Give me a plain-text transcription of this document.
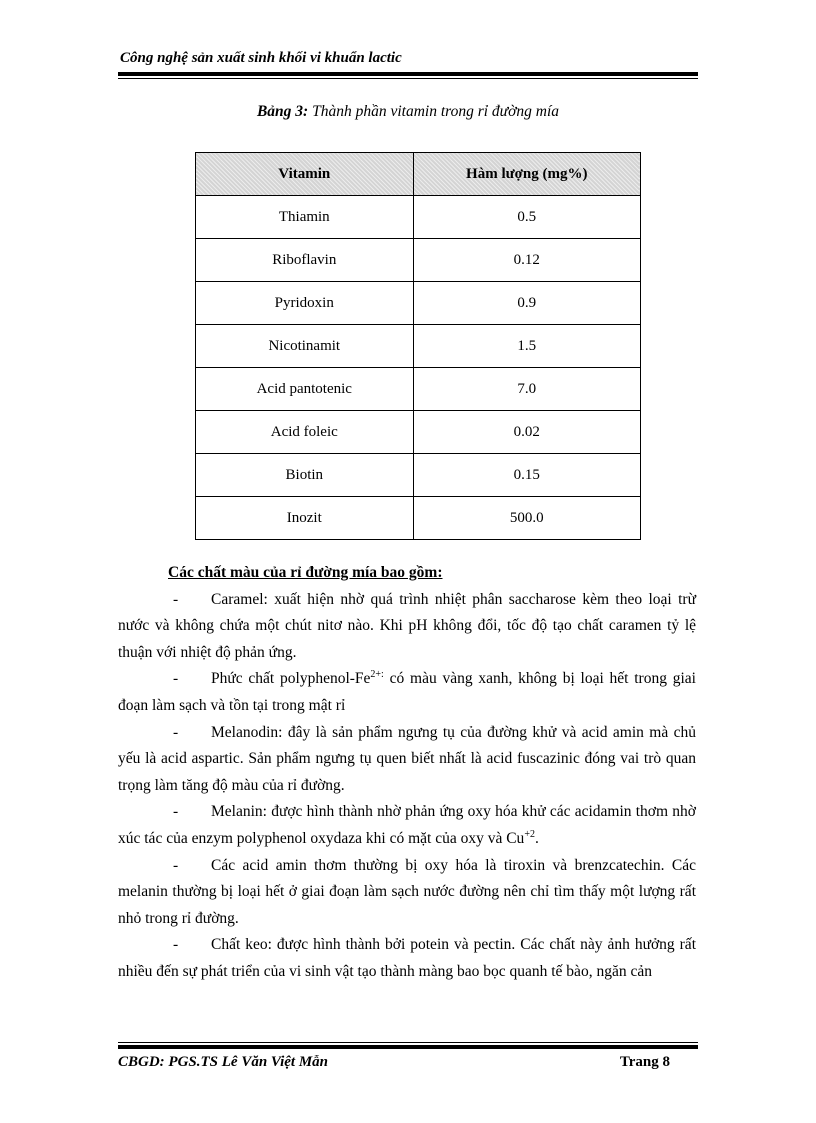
Công nghệ sản xuất sinh khối vi khuẩn lactic
Bảng 3: Thành phần vitamin trong rỉ đường mía
Vitamin	Hàm lượng (mg%)
Thiamin	0.5
Riboflavin	0.12
Pyridoxin	0.9
Nicotinamit	1.5
Acid pantotenic	7.0
Acid foleic	0.02
Biotin	0.15
Inozit	500.0

Các chất màu của rỉ đường mía bao gồm:

- Caramel: xuất hiện nhờ quá trình nhiệt phân saccharose kèm theo loại trừ nước và không chứa một chút nitơ nào. Khi pH không đổi, tốc độ tạo chất caramen tỷ lệ thuận với nhiệt độ phản ứng.

- Phức chất polyphenol-$Fe^{2+:}$ có màu vàng xanh, không bị loại hết trong giai đoạn làm sạch và tồn tại trong mật rỉ

- Melanodin: đây là sản phẩm ngưng tụ của đường khử và acid amin mà chủ yếu là acid aspartic. Sản phẩm ngưng tụ quen biết nhất là acid fuscazinic đóng vai trò quan trọng làm tăng độ màu của rỉ đường.

- Melanin: được hình thành nhờ phản ứng oxy hóa khử các acidamin thơm nhờ xúc tác của enzym polyphenol oxydaza khi có mặt của oxy và $Cu^{+2}$.

- Các acid amin thơm thường bị oxy hóa là tiroxin và brenzcatechin. Các melanin thường bị loại hết ở giai đoạn làm sạch nước đường nên chỉ tìm thấy một lượng rất nhỏ trong rỉ đường.

- Chất keo: được hình thành bởi potein và pectin. Các chất này ảnh hưởng rất nhiều đến sự phát triển của vi sinh vật tạo thành màng bao bọc quanh tế bào, ngăn cản

CBGD: PGS.TS Lê Văn Việt Mẫn	Trang 8
